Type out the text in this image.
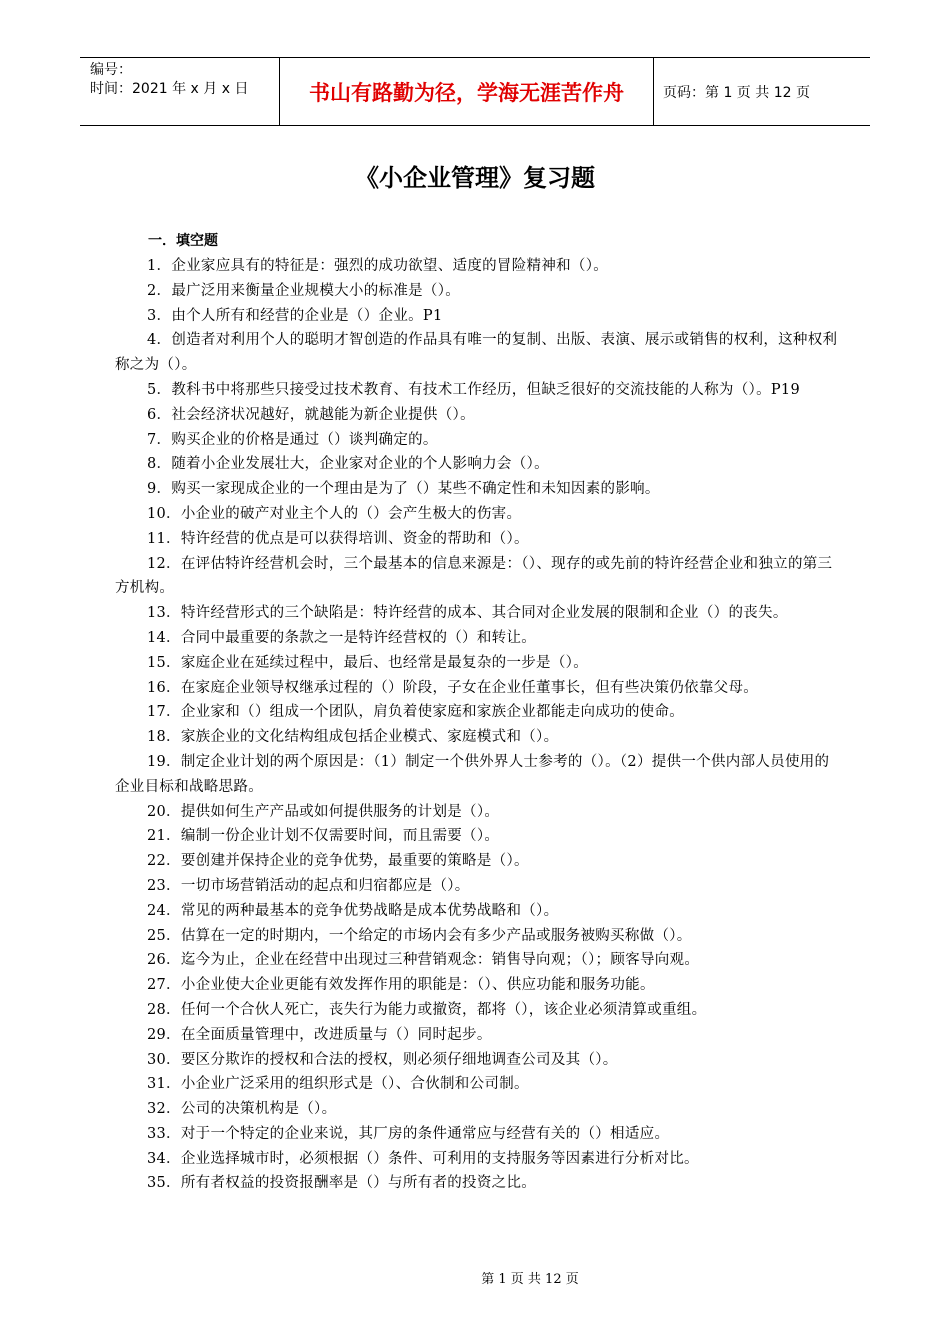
编号：
时间：2021 年 x 月 x 日	书山有路勤为径，学海无涯苦作舟	页码：第 1 页 共 12 页
《小企业管理》复习题
一．填空题

1．企业家应具有的特征是：强烈的成功欲望、适度的冒险精神和（）。

2．最广泛用来衡量企业规模大小的标准是（）。

3．由个人所有和经营的企业是（）企业。P1

4．创造者对利用个人的聪明才智创造的作品具有唯一的复制、出版、表演、展示或销售的权利，这种权利称之为（）。

5．教科书中将那些只接受过技术教育、有技术工作经历，但缺乏很好的交流技能的人称为（）。P19

6．社会经济状况越好，就越能为新企业提供（）。

7．购买企业的价格是通过（）谈判确定的。

8．随着小企业发展壮大，企业家对企业的个人影响力会（）。

9．购买一家现成企业的一个理由是为了（）某些不确定性和未知因素的影响。

10．小企业的破产对业主个人的（）会产生极大的伤害。

11．特许经营的优点是可以获得培训、资金的帮助和（）。

12．在评估特许经营机会时，三个最基本的信息来源是：（）、现存的或先前的特许经营企业和独立的第三方机构。

13．特许经营形式的三个缺陷是：特许经营的成本、其合同对企业发展的限制和企业（）的丧失。

14．合同中最重要的条款之一是特许经营权的（）和转让。

15．家庭企业在延续过程中，最后、也经常是最复杂的一步是（）。

16．在家庭企业领导权继承过程的（）阶段，子女在企业任董事长，但有些决策仍依靠父母。

17．企业家和（）组成一个团队，肩负着使家庭和家族企业都能走向成功的使命。

18．家族企业的文化结构组成包括企业模式、家庭模式和（）。

19．制定企业计划的两个原因是：（1）制定一个供外界人士参考的（）。（2）提供一个供内部人员使用的企业目标和战略思路。

20．提供如何生产产品或如何提供服务的计划是（）。

21．编制一份企业计划不仅需要时间，而且需要（）。

22．要创建并保持企业的竞争优势，最重要的策略是（）。

23．一切市场营销活动的起点和归宿都应是（）。

24．常见的两种最基本的竞争优势战略是成本优势战略和（）。

25．估算在一定的时期内，一个给定的市场内会有多少产品或服务被购买称做（）。

26．迄今为止，企业在经营中出现过三种营销观念：销售导向观；（）；顾客导向观。

27．小企业使大企业更能有效发挥作用的职能是：（）、供应功能和服务功能。

28．任何一个合伙人死亡，丧失行为能力或撤资，都将（），该企业必须清算或重组。

29．在全面质量管理中，改进质量与（）同时起步。

30．要区分欺诈的授权和合法的授权，则必须仔细地调查公司及其（）。

31．小企业广泛采用的组织形式是（）、合伙制和公司制。

32．公司的决策机构是（）。

33．对于一个特定的企业来说，其厂房的条件通常应与经营有关的（）相适应。

34．企业选择城市时，必须根据（）条件、可利用的支持服务等因素进行分析对比。

35．所有者权益的投资报酬率是（）与所有者的投资之比。

第 1 页 共 12 页
